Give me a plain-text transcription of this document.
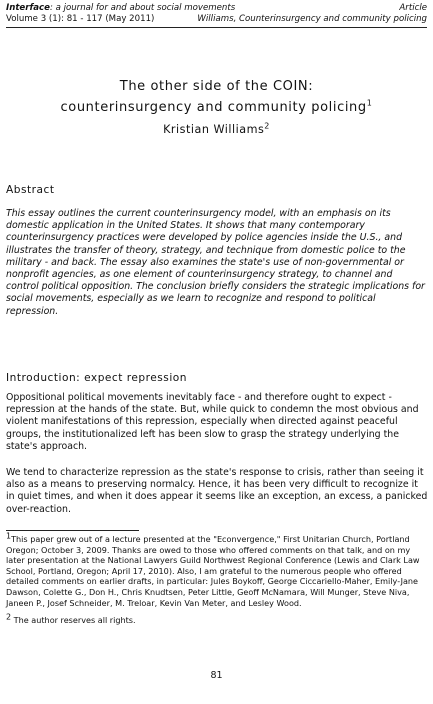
Interface: a journal for and about social movements	Article
Volume 3 (1): 81 - 117 (May 2011)	Williams, Counterinsurgency and community policing
The other side of the COIN:
counterinsurgency and community policing$^1$
Kristian Williams$^2$
Abstract
This essay outlines the current counterinsurgency model, with an emphasis on its domestic application in the United States. It shows that many contemporary counterinsurgency practices were developed by police agencies inside the U.S., and illustrates the transfer of theory, strategy, and technique from domestic police to the military - and back. The essay also examines the state's use of non-governmental or nonprofit agencies, as one element of counterinsurgency strategy, to channel and control political opposition. The conclusion briefly considers the strategic implications for social movements, especially as we learn to recognize and respond to political repression.
Introduction: expect repression
Oppositional political movements inevitably face - and therefore ought to expect - repression at the hands of the state. But, while quick to condemn the most obvious and violent manifestations of this repression, especially when directed against peaceful groups, the institutionalized left has been slow to grasp the strategy underlying the state's approach.
We tend to characterize repression as the state's response to crisis, rather than seeing it also as a means to preserving normalcy. Hence, it has been very difficult to recognize it in quiet times, and when it does appear it seems like an exception, an excess, a panicked over-reaction.
1This paper grew out of a lecture presented at the "Econvergence," First Unitarian Church, Portland Oregon; October 3, 2009. Thanks are owed to those who offered comments on that talk, and on my later presentation at the National Lawyers Guild Northwest Regional Conference (Lewis and Clark Law School, Portland, Oregon; April 17, 2010). Also, I am grateful to the numerous people who offered detailed comments on earlier drafts, in particular: Jules Boykoff, George Ciccariello-Maher, Emily-Jane Dawson, Colette G., Don H., Chris Knudtsen, Peter Little, Geoff McNamara, Will Munger, Steve Niva, Janeen P., Josef Schneider, M. Treloar, Kevin Van Meter, and Lesley Wood.
2 The author reserves all rights.
81
